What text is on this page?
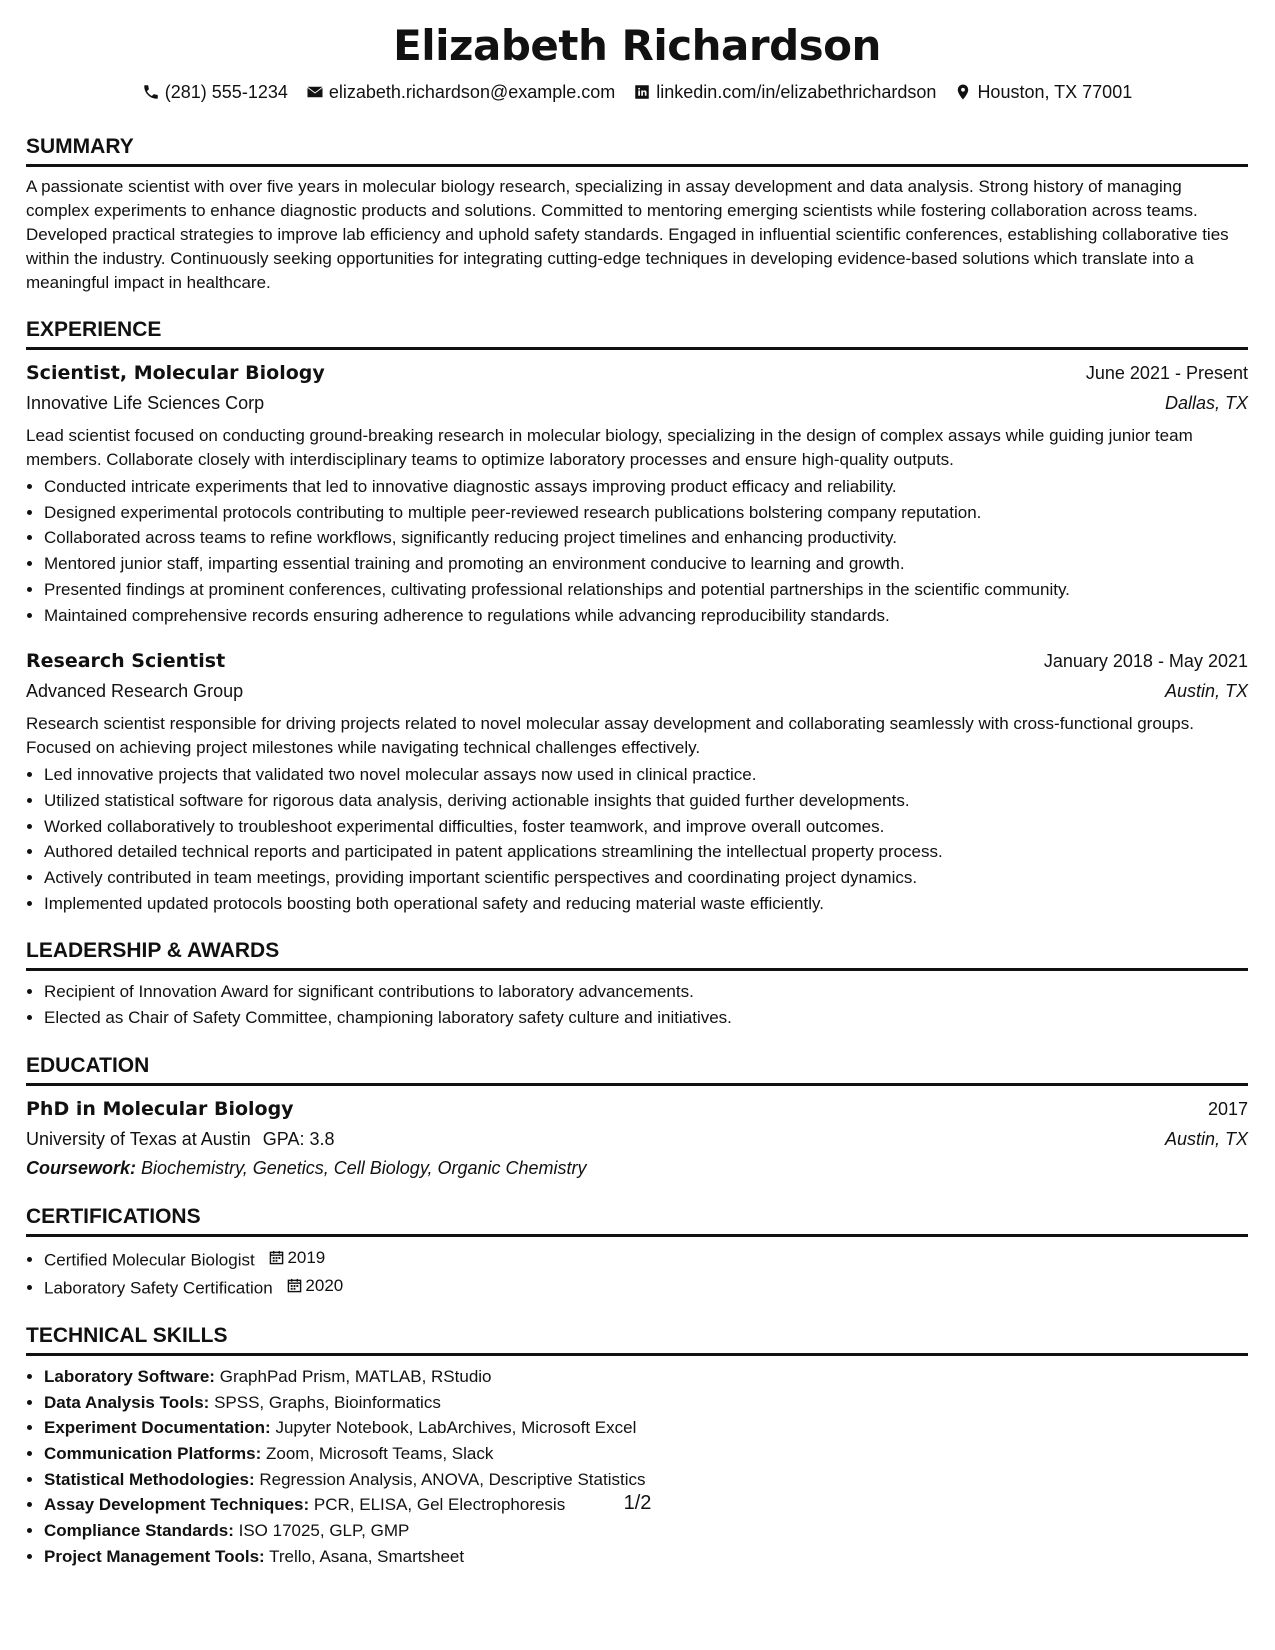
Elizabeth Richardson
(281) 555-1234 elizabeth.richardson@example.com linkedin.com/in/elizabethrichardson Houston, TX 77001
SUMMARY
A passionate scientist with over five years in molecular biology research, specializing in assay development and data analysis. Strong history of managing complex experiments to enhance diagnostic products and solutions. Committed to mentoring emerging scientists while fostering collaboration across teams. Developed practical strategies to improve lab efficiency and uphold safety standards. Engaged in influential scientific conferences, establishing collaborative ties within the industry. Continuously seeking opportunities for integrating cutting-edge techniques in developing evidence-based solutions which translate into a meaningful impact in healthcare.
EXPERIENCE
Scientist, Molecular Biology	June 2021 - Present
Innovative Life Sciences Corp	Dallas, TX
Lead scientist focused on conducting ground-breaking research in molecular biology, specializing in the design of complex assays while guiding junior team members. Collaborate closely with interdisciplinary teams to optimize laboratory processes and ensure high-quality outputs.
• Conducted intricate experiments that led to innovative diagnostic assays improving product efficacy and reliability.
• Designed experimental protocols contributing to multiple peer-reviewed research publications bolstering company reputation.
• Collaborated across teams to refine workflows, significantly reducing project timelines and enhancing productivity.
• Mentored junior staff, imparting essential training and promoting an environment conducive to learning and growth.
• Presented findings at prominent conferences, cultivating professional relationships and potential partnerships in the scientific community.
• Maintained comprehensive records ensuring adherence to regulations while advancing reproducibility standards.
Research Scientist	January 2018 - May 2021
Advanced Research Group	Austin, TX
Research scientist responsible for driving projects related to novel molecular assay development and collaborating seamlessly with cross-functional groups. Focused on achieving project milestones while navigating technical challenges effectively.
• Led innovative projects that validated two novel molecular assays now used in clinical practice.
• Utilized statistical software for rigorous data analysis, deriving actionable insights that guided further developments.
• Worked collaboratively to troubleshoot experimental difficulties, foster teamwork, and improve overall outcomes.
• Authored detailed technical reports and participated in patent applications streamlining the intellectual property process.
• Actively contributed in team meetings, providing important scientific perspectives and coordinating project dynamics.
• Implemented updated protocols boosting both operational safety and reducing material waste efficiently.
LEADERSHIP & AWARDS
• Recipient of Innovation Award for significant contributions to laboratory advancements.
• Elected as Chair of Safety Committee, championing laboratory safety culture and initiatives.
EDUCATION
PhD in Molecular Biology	2017
University of Texas at Austin GPA: 3.8	Austin, TX
Coursework: Biochemistry, Genetics, Cell Biology, Organic Chemistry
CERTIFICATIONS
• Certified Molecular Biologist 2019
• Laboratory Safety Certification 2020
TECHNICAL SKILLS
• Laboratory Software: GraphPad Prism, MATLAB, RStudio
• Data Analysis Tools: SPSS, Graphs, Bioinformatics
• Experiment Documentation: Jupyter Notebook, LabArchives, Microsoft Excel
• Communication Platforms: Zoom, Microsoft Teams, Slack
• Statistical Methodologies: Regression Analysis, ANOVA, Descriptive Statistics
• Assay Development Techniques: PCR, ELISA, Gel Electrophoresis
• Compliance Standards: ISO 17025, GLP, GMP
• Project Management Tools: Trello, Asana, Smartsheet
1/2
